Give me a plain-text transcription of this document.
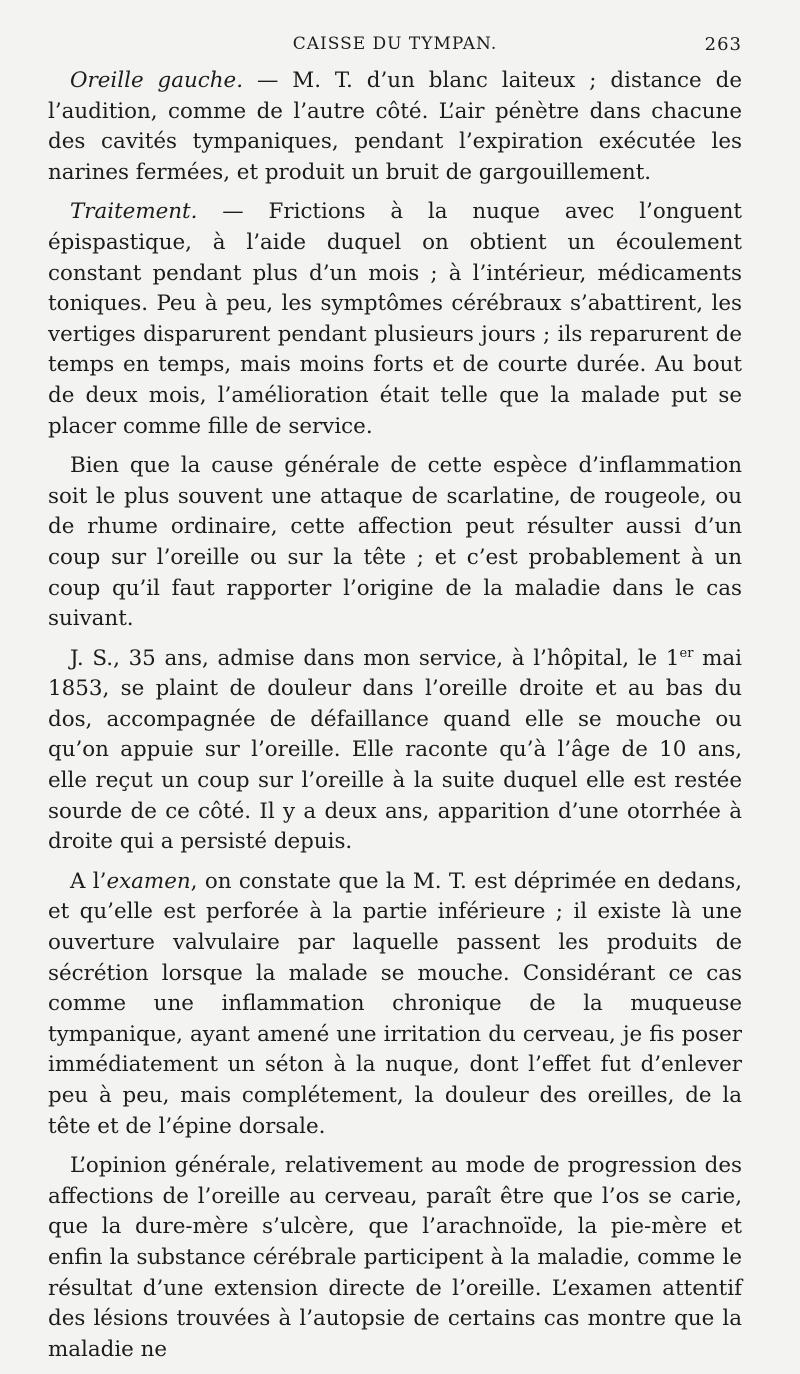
CAISSE DU TYMPAN.	263

Oreille gauche. — M. T. d’un blanc laiteux ; distance de l’audition, comme de l’autre côté. L’air pénètre dans chacune des cavités tympaniques, pendant l’expiration exécutée les narines fermées, et produit un bruit de gargouillement.

Traitement. — Frictions à la nuque avec l’onguent épispastique, à l’aide duquel on obtient un écoulement constant pendant plus d’un mois ; à l’intérieur, médicaments toniques. Peu à peu, les symptômes cérébraux s’abattirent, les vertiges disparurent pendant plusieurs jours ; ils reparurent de temps en temps, mais moins forts et de courte durée. Au bout de deux mois, l’amélioration était telle que la malade put se placer comme fille de service.

Bien que la cause générale de cette espèce d’inflammation soit le plus souvent une attaque de scarlatine, de rougeole, ou de rhume ordinaire, cette affection peut résulter aussi d’un coup sur l’oreille ou sur la tête ; et c’est probablement à un coup qu’il faut rapporter l’origine de la maladie dans le cas suivant.

J. S., 35 ans, admise dans mon service, à l’hôpital, le 1er mai 1853, se plaint de douleur dans l’oreille droite et au bas du dos, accompagnée de défaillance quand elle se mouche ou qu’on appuie sur l’oreille. Elle raconte qu’à l’âge de 10 ans, elle reçut un coup sur l’oreille à la suite duquel elle est restée sourde de ce côté. Il y a deux ans, apparition d’une otorrhée à droite qui a persisté depuis.

A l’examen, on constate que la M. T. est déprimée en dedans, et qu’elle est perforée à la partie inférieure ; il existe là une ouverture valvulaire par laquelle passent les produits de sécrétion lorsque la malade se mouche. Considérant ce cas comme une inflammation chronique de la muqueuse tympanique, ayant amené une irritation du cerveau, je fis poser immédiatement un séton à la nuque, dont l’effet fut d’enlever peu à peu, mais complétement, la douleur des oreilles, de la tête et de l’épine dorsale.

L’opinion générale, relativement au mode de progression des affections de l’oreille au cerveau, paraît être que l’os se carie, que la dure-mère s’ulcère, que l’arachnoïde, la pie-mère et enfin la substance cérébrale participent à la maladie, comme le résultat d’une extension directe de l’oreille. L’examen attentif des lésions trouvées à l’autopsie de certains cas montre que la maladie ne
